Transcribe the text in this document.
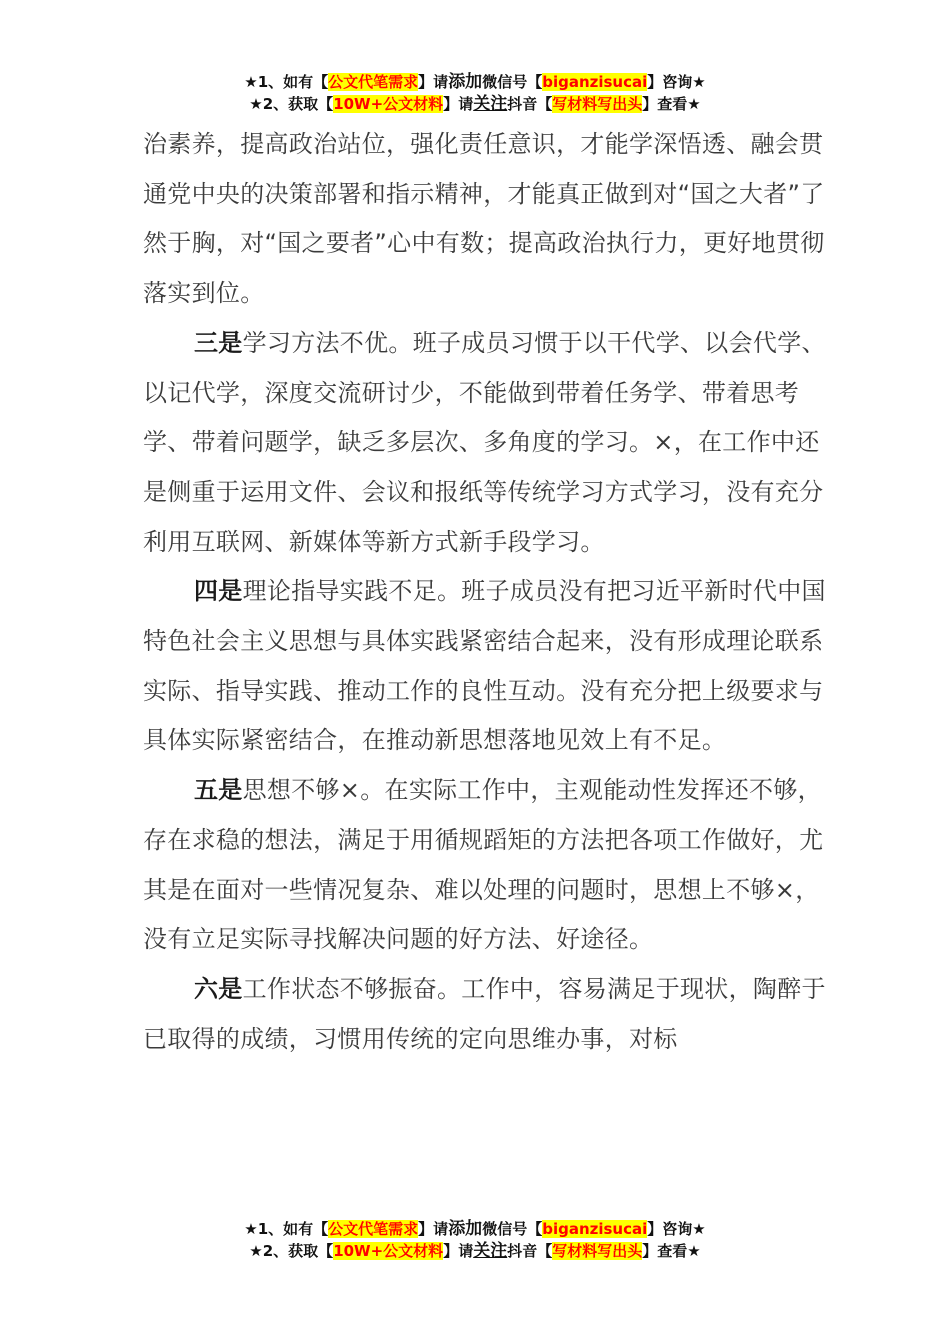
★1、如有【公文代笔需求】请添加微信号【biganzisucai】咨询★
★2、获取【10W+公文材料】请关注抖音【写材料写出头】查看★

治素养，提高政治站位，强化责任意识，才能学深悟透、融会贯通党中央的决策部署和指示精神，才能真正做到对“国之大者”了然于胸，对“国之要者”心中有数；提高政治执行力，更好地贯彻落实到位。

三是学习方法不优。班子成员习惯于以干代学、以会代学、以记代学，深度交流研讨少，不能做到带着任务学、带着思考学、带着问题学，缺乏多层次、多角度的学习。×，在工作中还是侧重于运用文件、会议和报纸等传统学习方式学习，没有充分利用互联网、新媒体等新方式新手段学习。

四是理论指导实践不足。班子成员没有把习近平新时代中国特色社会主义思想与具体实践紧密结合起来，没有形成理论联系实际、指导实践、推动工作的良性互动。没有充分把上级要求与具体实际紧密结合，在推动新思想落地见效上有不足。

五是思想不够×。在实际工作中，主观能动性发挥还不够，存在求稳的想法，满足于用循规蹈矩的方法把各项工作做好，尤其是在面对一些情况复杂、难以处理的问题时，思想上不够×，没有立足实际寻找解决问题的好方法、好途径。

六是工作状态不够振奋。工作中，容易满足于现状，陶醉于已取得的成绩，习惯用传统的定向思维办事，对标

★1、如有【公文代笔需求】请添加微信号【biganzisucai】咨询★
★2、获取【10W+公文材料】请关注抖音【写材料写出头】查看★
